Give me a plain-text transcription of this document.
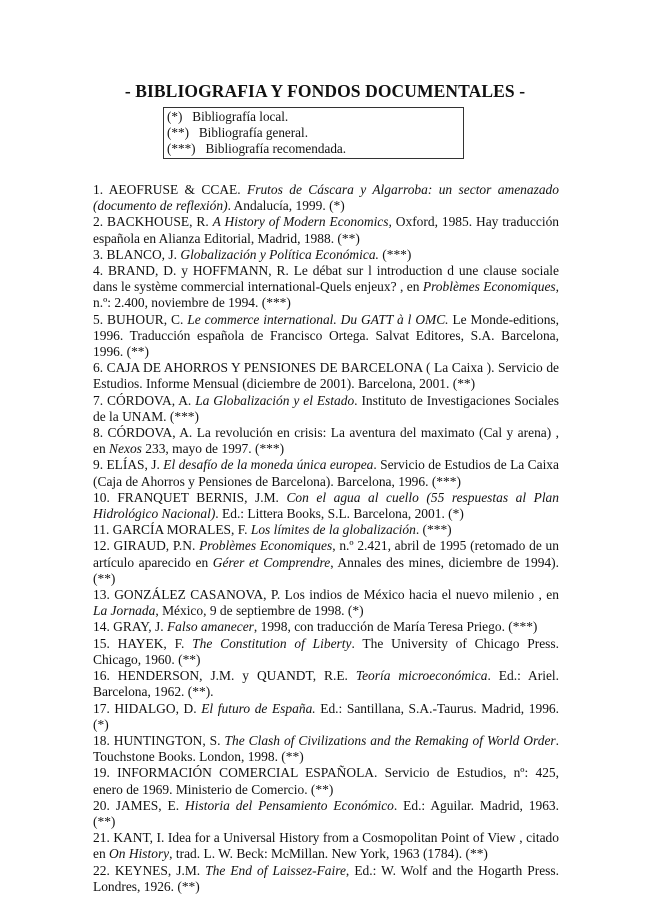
- BIBLIOGRAFIA Y FONDOS DOCUMENTALES -
(*) Bibliografía local.
(**) Bibliografía general.
(***) Bibliografía recomendada.

1. AEOFRUSE & CCAE. Frutos de Cáscara y Algarroba: un sector amenazado (documento de reflexión). Andalucía, 1999. (*)

2. BACKHOUSE, R. A History of Modern Economics, Oxford, 1985. Hay traducción española en Alianza Editorial, Madrid, 1988. (**)

3. BLANCO, J. Globalización y Política Económica. (***)

4. BRAND, D. y HOFFMANN, R. Le débat sur l introduction d une clause sociale dans le système commercial international-Quels enjeux? , en Problèmes Economiques, n.º: 2.400, noviembre de 1994. (***)

5. BUHOUR, C. Le commerce international. Du GATT à l OMC. Le Monde-editions, 1996. Traducción española de Francisco Ortega. Salvat Editores, S.A. Barcelona, 1996. (**)

6. CAJA DE AHORROS Y PENSIONES DE BARCELONA ( La Caixa ). Servicio de Estudios. Informe Mensual (diciembre de 2001). Barcelona, 2001. (**)

7. CÓRDOVA, A. La Globalización y el Estado. Instituto de Investigaciones Sociales de la UNAM. (***)

8. CÓRDOVA, A. La revolución en crisis: La aventura del maximato (Cal y arena) , en Nexos 233, mayo de 1997. (***)

9. ELÍAS, J. El desafío de la moneda única europea. Servicio de Estudios de La Caixa (Caja de Ahorros y Pensiones de Barcelona). Barcelona, 1996. (***)

10. FRANQUET BERNIS, J.M. Con el agua al cuello (55 respuestas al Plan Hidrológico Nacional). Ed.: Littera Books, S.L. Barcelona, 2001. (*)

11. GARCÍA MORALES, F. Los límites de la globalización. (***)

12. GIRAUD, P.N. Problèmes Economiques, n.º 2.421, abril de 1995 (retomado de un artículo aparecido en Gérer et Comprendre, Annales des mines, diciembre de 1994). (**)

13. GONZÁLEZ CASANOVA, P. Los indios de México hacia el nuevo milenio , en La Jornada, México, 9 de septiembre de 1998. (*)

14. GRAY, J. Falso amanecer, 1998, con traducción de María Teresa Priego. (***)

15. HAYEK, F. The Constitution of Liberty. The University of Chicago Press. Chicago, 1960. (**)

16. HENDERSON, J.M. y QUANDT, R.E. Teoría microeconómica. Ed.: Ariel. Barcelona, 1962. (**).

17. HIDALGO, D. El futuro de España. Ed.: Santillana, S.A.-Taurus. Madrid, 1996. (*)

18. HUNTINGTON, S. The Clash of Civilizations and the Remaking of World Order. Touchstone Books. London, 1998. (**)

19. INFORMACIÓN COMERCIAL ESPAÑOLA. Servicio de Estudios, nº: 425, enero de 1969. Ministerio de Comercio. (**)

20. JAMES, E. Historia del Pensamiento Económico. Ed.: Aguilar. Madrid, 1963. (**)

21. KANT, I. Idea for a Universal History from a Cosmopolitan Point of View , citado en On History, trad. L. W. Beck: McMillan. New York, 1963 (1784). (**)

22. KEYNES, J.M. The End of Laissez-Faire, Ed.: W. Wolf and the Hogarth Press. Londres, 1926. (**)
